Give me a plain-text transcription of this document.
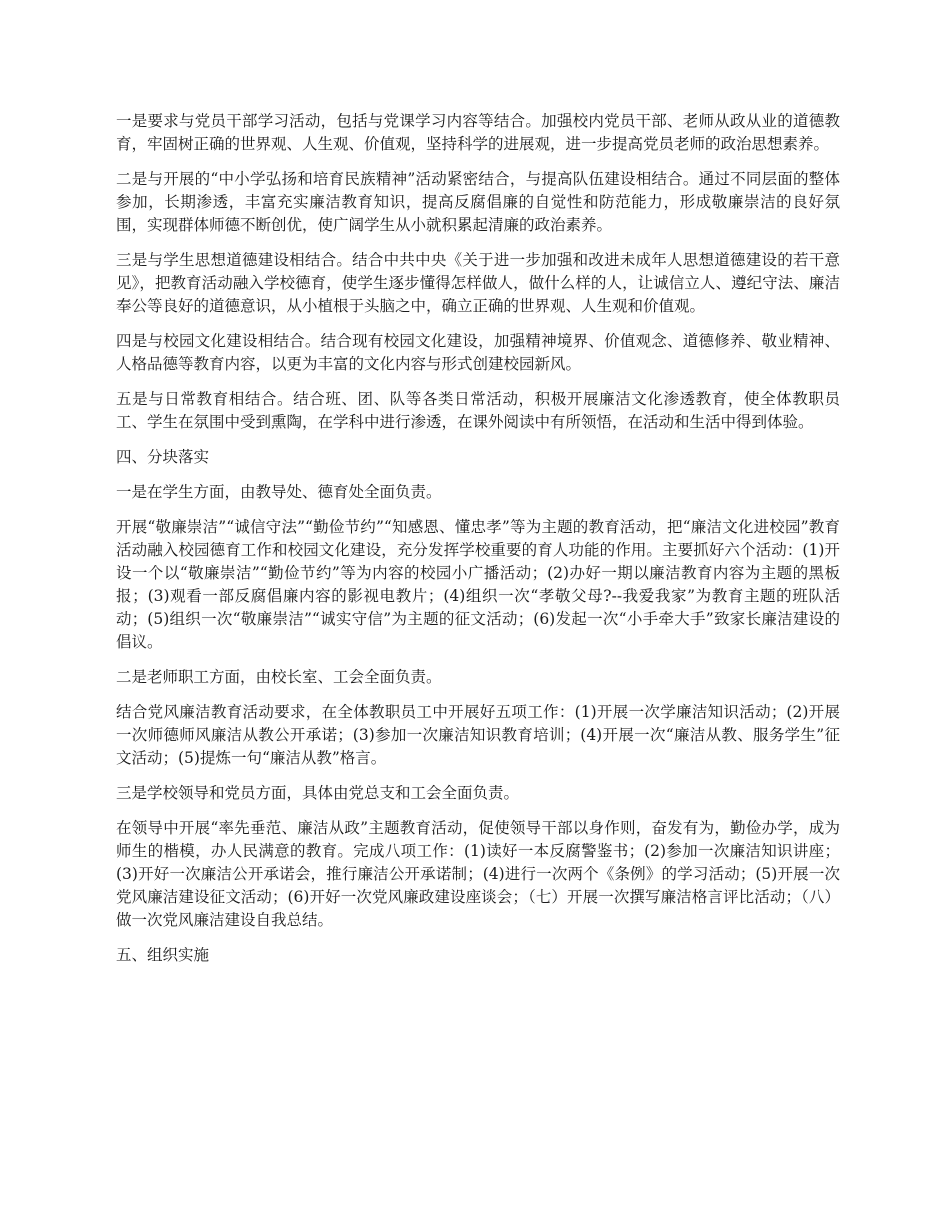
一是要求与党员干部学习活动，包括与党课学习内容等结合。加强校内党员干部、老师从政从业的道德教育，牢固树正确的世界观、人生观、价值观，坚持科学的进展观，进一步提高党员老师的政治思想素养。

二是与开展的“中小学弘扬和培育民族精神”活动紧密结合，与提高队伍建设相结合。通过不同层面的整体参加，长期渗透，丰富充实廉洁教育知识，提高反腐倡廉的自觉性和防范能力，形成敬廉崇洁的良好氛围，实现群体师德不断创优，使广阔学生从小就积累起清廉的政治素养。

三是与学生思想道德建设相结合。结合中共中央《关于进一步加强和改进未成年人思想道德建设的若干意见》，把教育活动融入学校德育，使学生逐步懂得怎样做人，做什么样的人，让诚信立人、遵纪守法、廉洁奉公等良好的道德意识，从小植根于头脑之中，确立正确的世界观、人生观和价值观。

四是与校园文化建设相结合。结合现有校园文化建设，加强精神境界、价值观念、道德修养、敬业精神、人格品德等教育内容，以更为丰富的文化内容与形式创建校园新风。

五是与日常教育相结合。结合班、团、队等各类日常活动，积极开展廉洁文化渗透教育，使全体教职员工、学生在氛围中受到熏陶，在学科中进行渗透，在课外阅读中有所领悟，在活动和生活中得到体验。

四、分块落实

一是在学生方面，由教导处、德育处全面负责。

开展“敬廉崇洁”“诚信守法”“勤俭节约”“知感恩、懂忠孝”等为主题的教育活动，把“廉洁文化进校园”教育活动融入校园德育工作和校园文化建设，充分发挥学校重要的育人功能的作用。主要抓好六个活动：(1)开设一个以“敬廉崇洁”“勤俭节约”等为内容的校园小广播活动；(2)办好一期以廉洁教育内容为主题的黑板报；(3)观看一部反腐倡廉内容的影视电教片；(4)组织一次“孝敬父母?--我爱我家”为教育主题的班队活动；(5)组织一次“敬廉崇洁”“诚实守信”为主题的征文活动；(6)发起一次“小手牵大手”致家长廉洁建设的倡议。

二是老师职工方面，由校长室、工会全面负责。

结合党风廉洁教育活动要求，在全体教职员工中开展好五项工作：(1)开展一次学廉洁知识活动；(2)开展一次师德师风廉洁从教公开承诺；(3)参加一次廉洁知识教育培训；(4)开展一次“廉洁从教、服务学生”征文活动；(5)提炼一句“廉洁从教”格言。

三是学校领导和党员方面，具体由党总支和工会全面负责。

在领导中开展“率先垂范、廉洁从政”主题教育活动，促使领导干部以身作则，奋发有为，勤俭办学，成为师生的楷模，办人民满意的教育。完成八项工作：(1)读好一本反腐警鉴书；(2)参加一次廉洁知识讲座；(3)开好一次廉洁公开承诺会，推行廉洁公开承诺制；(4)进行一次两个《条例》的学习活动；(5)开展一次党风廉洁建设征文活动；(6)开好一次党风廉政建设座谈会；（七）开展一次撰写廉洁格言评比活动；（八）做一次党风廉洁建设自我总结。

五、组织实施
